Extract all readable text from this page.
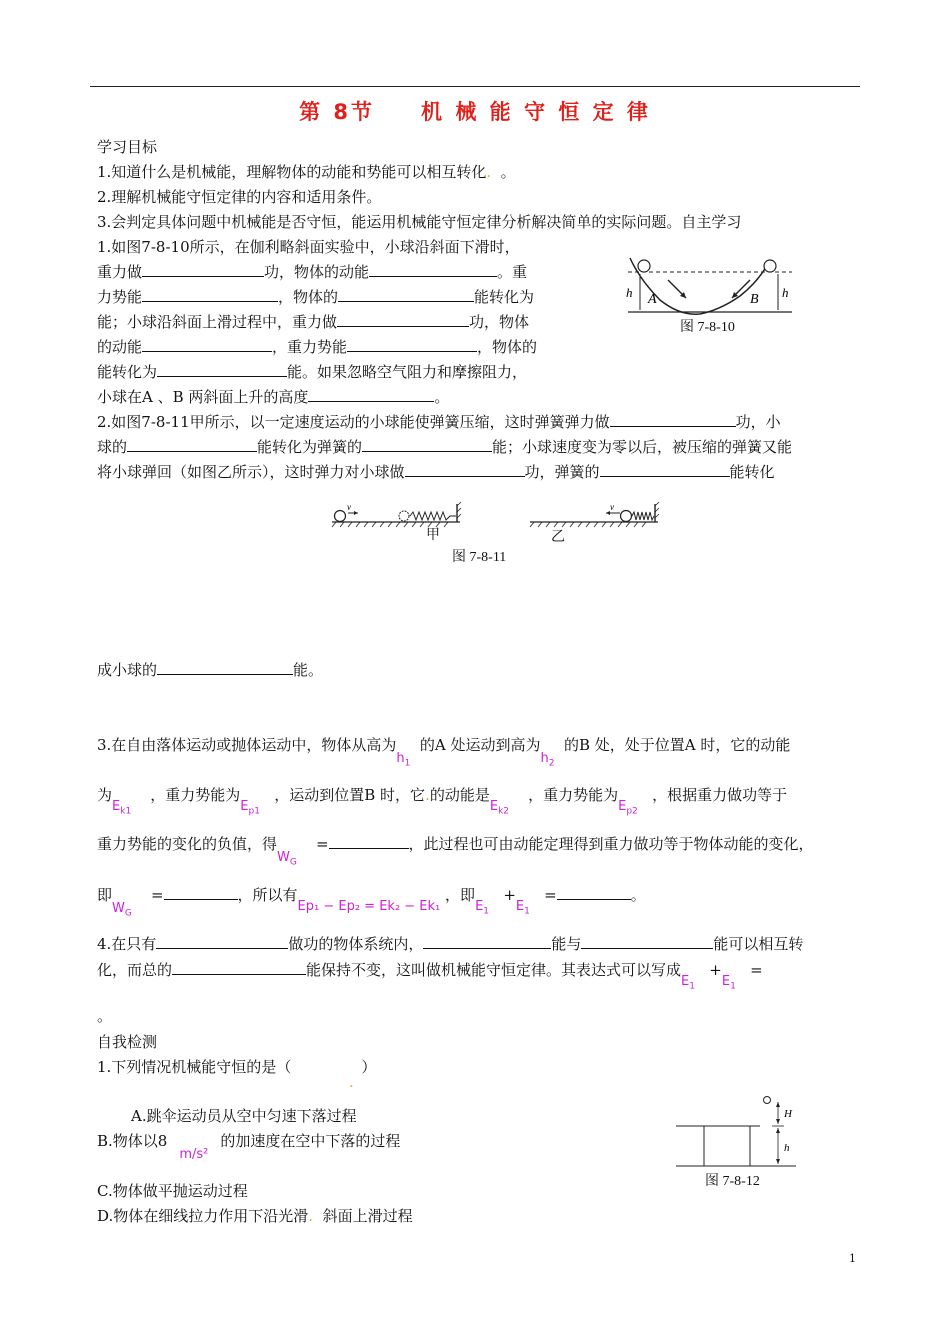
第 8节 机 械 能 守 恒 定 律
学习目标
1.知道什么是机械能，理解物体的动能和势能可以相互转化. 。
2.理解机械能守恒定律的内容和适用条件。
3.会判定具体问题中机械能是否守恒，能运用机械能守恒定律分析解决简单的实际问题。自主学习
1.如图7-8-10所示，在伽利略斜面实验中，小球沿斜面下滑时，
重力做	功，物体的动能	。重
力势能	，物体的	能转化为
能；小球沿斜面上滑过程中，重力做	功，物体
的动能	，重力势能	，物体的
能转化为	能。如果忽略空气阻力和摩擦阻力，
小球在A 、B 两斜面上升的高度	。
h	h
A	B
图 7-8-10
2.如图7-8-11甲所示，以一定速度运动的小球能使弹簧压缩，这时弹簧弹力做	功，小
球的	能转化为弹簧的	能；小球速度变为零以后，被压缩的弹簧又能
将小球弹回（如图乙所示），这时弹力对小球做	功，弹簧的	能转化
v	v
甲	乙
图 7-8-11
成小球的	能。
3.在自由落体运动或抛体运动中，物体从高为$h_1$  的A 处运动到高为$h_2$  的B 处，处于位置A 时，它的动能
为$E_{k1}$    ，重力势能为$E_{p1}$   ，运动到位置B 时，它.的动能是$E_{k2}$    ，重力势能为$E_{p2}$   ，根据重力做功等于
重力势能的变化的负值，得$W_G$    =	，此过程也可由动能定理得到重力做功等于物体动能的变化，
即$W_G$    =	，所以有Ep₁ − Ep₂ = Ek₂ − Ek₁ ，即$E_1 +E_1$   =	。
4.在只有	做功的物体系统内，	能与	能可以相互转
化，而总的	能保持不变，这叫做机械能守恒定律。其表达式可以写成$E_1 +E_1$   =
。
自我检测
1.下列情况机械能守恒的是（	）
.
A.跳伞运动员从空中匀速下落过程
B.物体以8m/s²的加速度在空中下落的过程
C.物体做平抛运动过程
D.物体在细线拉力作用下沿光滑. 斜面上滑过程
H
h
图 7-8-12
1
